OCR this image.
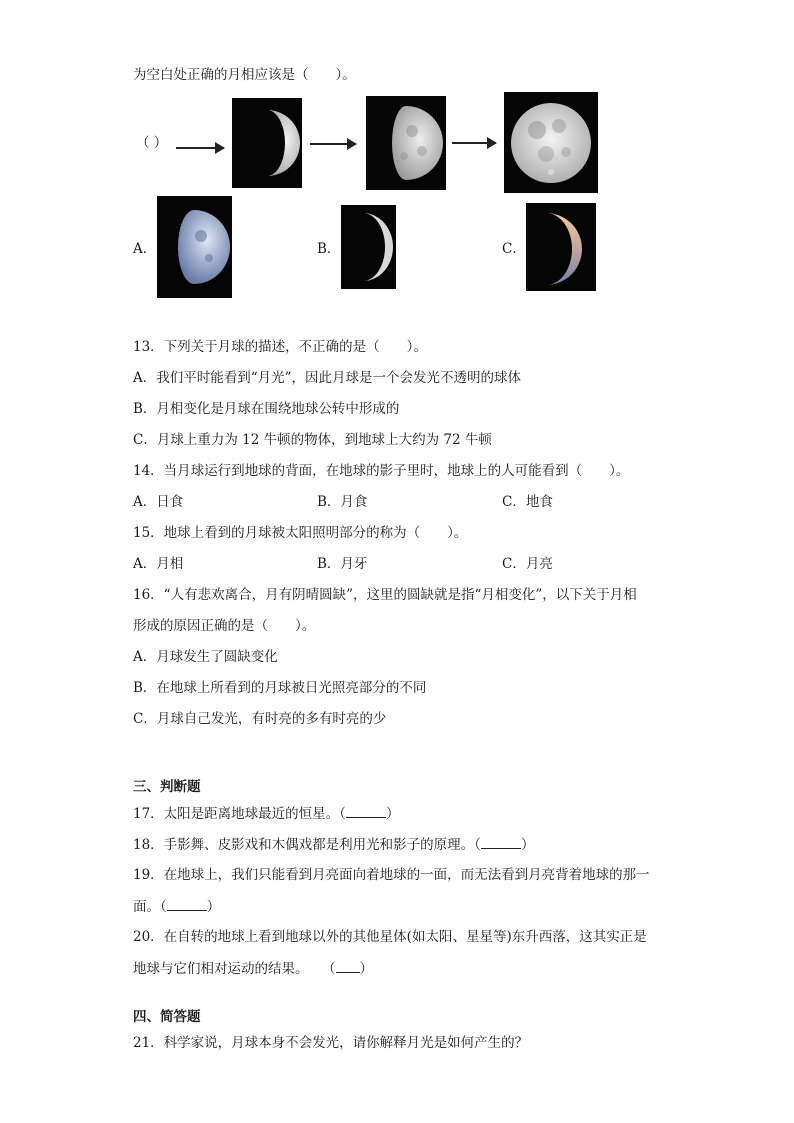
为空白处正确的月相应该是（　　）。
（ ）
A．	B．	C．
13．下列关于月球的描述，不正确的是（　　）。
A．我们平时能看到“月光”，因此月球是一个会发光不透明的球体
B．月相变化是月球在围绕地球公转中形成的
C．月球上重力为 12 牛顿的物体，到地球上大约为 72 牛顿
14．当月球运行到地球的背面，在地球的影子里时，地球上的人可能看到（　　）。
A．日食	B．月食	C．地食
15．地球上看到的月球被太阳照明部分的称为（　　）。
A．月相	B．月牙	C．月亮
16．“人有悲欢离合，月有阴晴圆缺”，这里的圆缺就是指“月相变化”，以下关于月相
形成的原因正确的是（　　）。
A．月球发生了圆缺变化
B．在地球上所看到的月球被日光照亮部分的不同
C．月球自己发光，有时亮的多有时亮的少
三、判断题
17．太阳是距离地球最近的恒星。（	）
18．手影舞、皮影戏和木偶戏都是利用光和影子的原理。（	）
19．在地球上，我们只能看到月亮面向着地球的一面，而无法看到月亮背着地球的那一
面。（	）
20．在自转的地球上看到地球以外的其他星体(如太阳、星星等)东升西落，这其实正是
地球与它们相对运动的结果。　　（ ）
四、简答题
21．科学家说，月球本身不会发光，请你解释月光是如何产生的？
